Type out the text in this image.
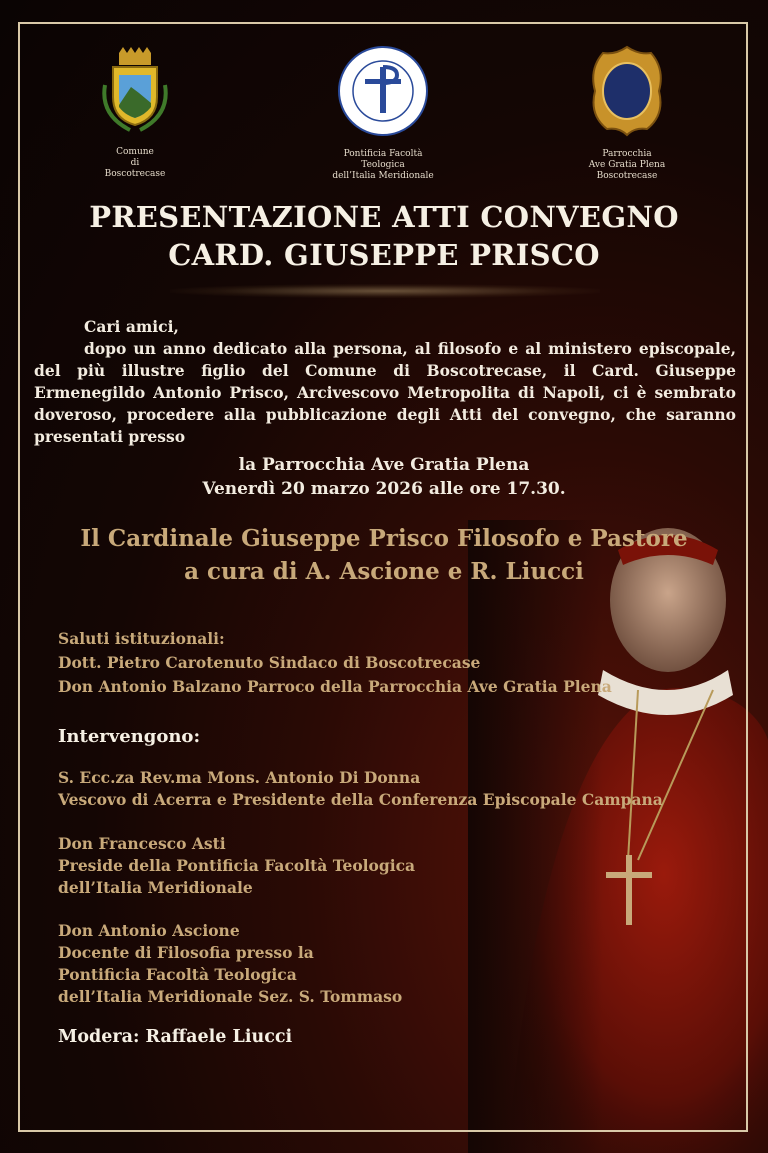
Comune
di
Boscotrecase
Pontificia Facoltà
Teologica
dell’Italia Meridionale
Parrocchia
Ave Gratia Plena
Boscotrecase
PRESENTAZIONE ATTI CONVEGNO
CARD. GIUSEPPE PRISCO
Cari amici,
dopo un anno dedicato alla persona, al filosofo e al ministero episcopale, del più illustre figlio del Comune di Boscotrecase, il Card. Giuseppe Ermenegildo Antonio Prisco, Arcivescovo Metropolita di Napoli, ci è sembrato doveroso, procedere alla pubblicazione degli Atti del convegno, che saranno presentati presso
la Parrocchia Ave Gratia Plena
Venerdì 20 marzo 2026 alle ore 17.30.
Il Cardinale Giuseppe Prisco Filosofo e Pastore
a cura di A. Ascione e R. Liucci
Saluti istituzionali:
Dott. Pietro Carotenuto Sindaco di Boscotrecase
Don Antonio Balzano Parroco della Parrocchia Ave Gratia Plena
Intervengono:
S. Ecc.za Rev.ma Mons. Antonio Di Donna
Vescovo di Acerra e Presidente della Conferenza Episcopale Campana
Don Francesco Asti
Preside della Pontificia Facoltà Teologica
dell’Italia Meridionale
Don Antonio Ascione
Docente di Filosofia presso la
Pontificia Facoltà Teologica
dell’Italia Meridionale Sez. S. Tommaso
Modera: Raffaele Liucci
